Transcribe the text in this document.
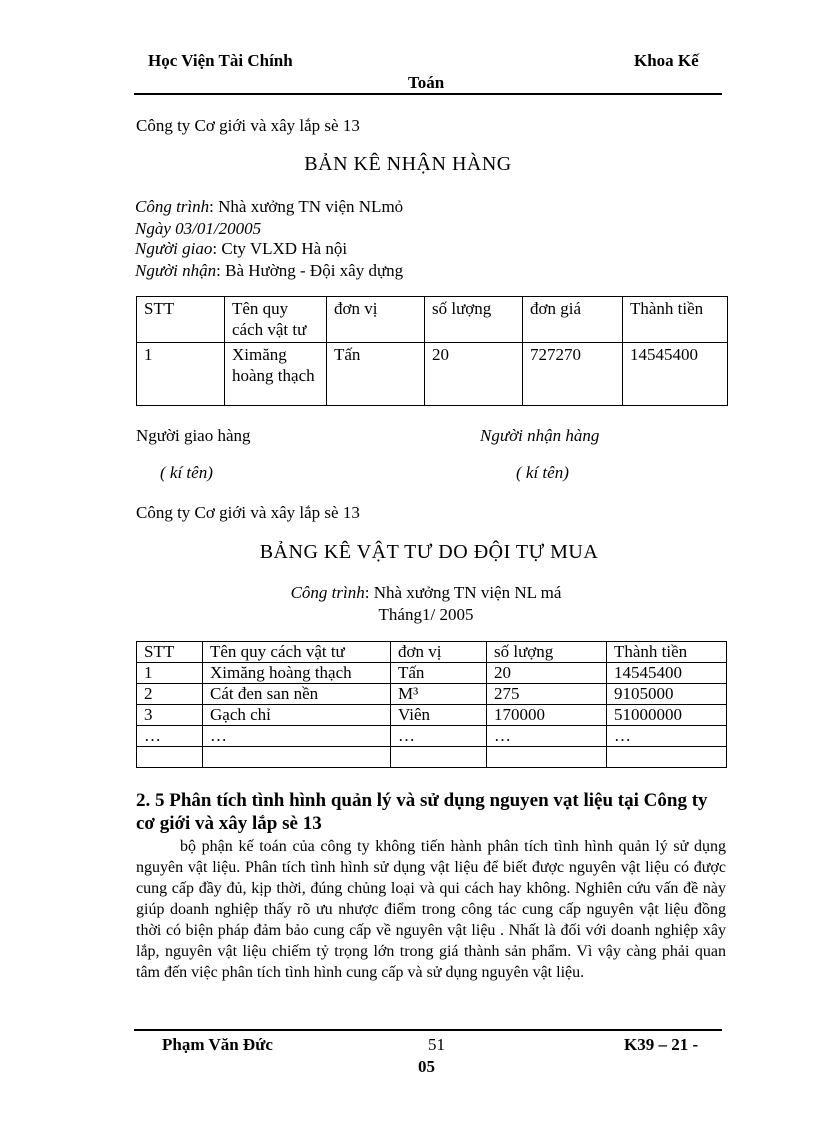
Học Viện Tài Chính	Khoa Kế
Toán
Công ty Cơ giới và xây lắp sè 13
BẢN KÊ NHẬN HÀNG
Công trình: Nhà xưởng TN viện NLmỏ
Ngày 03/01/20005
Người giao: Cty VLXD Hà nội
Người nhận: Bà Hường - Đội xây dựng
STT	Tên quy cách vật tư	đơn vị	số lượng	đơn giá	Thành tiền
1	Ximăng hoàng thạch	Tấn	20	727270	14545400
Người giao hàng	Người nhận hàng
( kí tên)	( kí tên)
Công ty Cơ giới và xây lắp sè 13
BẢNG KÊ VẬT TƯ DO ĐỘI TỰ MUA
Công trình: Nhà xưởng TN viện NL má
Tháng1/ 2005
STT	Tên quy cách vật tư	đơn vị	số lượng	Thành tiền
1	Ximăng hoàng thạch	Tấn	20	14545400
2	Cát đen san nền	M³	275	9105000
3	Gạch chỉ	Viên	170000	51000000
…	…	…	…	…

2. 5 Phân tích tình hình quản lý và sử dụng nguyen vạt liệu tại Công ty cơ giới và xây lắp sè 13
bộ phận kế toán của công ty không tiến hành phân tích tình hình quản lý sử dụng nguyên vật liệu. Phân tích tình hình sử dụng vật liệu để biết được nguyên vật liệu có được cung cấp đầy đủ, kịp thời, đúng chủng loại và qui cách hay không. Nghiên cứu vấn đề này giúp doanh nghiệp thấy rõ ưu nhược điểm trong công tác cung cấp nguyên vật liệu đồng thời có biện pháp đảm bảo cung cấp về nguyên vật liệu . Nhất là đối với doanh nghiệp xây lắp, nguyên vật liệu chiếm tỷ trọng lớn trong giá thành sản phẩm. Vì vậy càng phải quan tâm đến việc phân tích tình hình cung cấp và sử dụng nguyên vật liệu.
Phạm Văn Đức	51	K39 – 21 -
05
